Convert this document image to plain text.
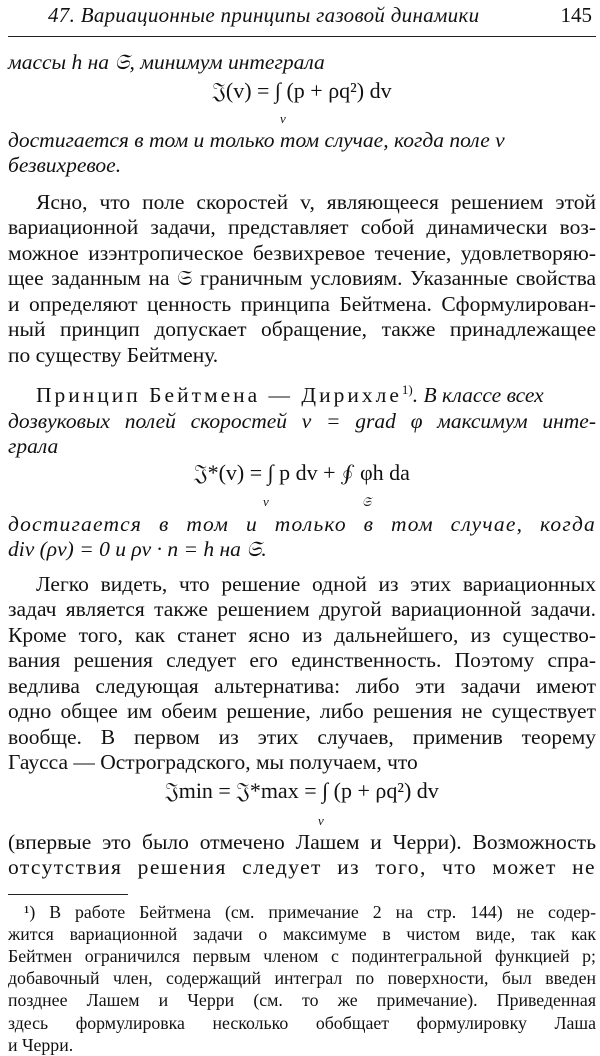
47. Вариационные принципы газовой динамики	145

массы h на 𝔖, минимум интеграла

𝔍(v) = ∫ (p + ρq²) dv
v

достигается в том и только том случае, когда поле v

безвихревое.

Ясно, что поле скоростей v, являющееся решением этой

вариационной задачи, представляет собой динамически воз-

можное изэнтропическое безвихревое течение, удовлетворяю-

щее заданным на 𝔖 граничным условиям. Указанные свойства

и определяют ценность принципа Бейтмена. Сформулирован-

ный принцип допускает обращение, также принадлежащее

по существу Бейтмену.

Принцип Бейтмена — Дирихле$^{1)}$. В классе всех

дозвуковых полей скоростей v = grad φ максимум инте-

грала

𝔍*(v) = ∫ p dv + ∮ φh da
v	𝔖

достигается в том и только в том случае, когда

div (ρv) = 0 и ρv · n = h на 𝔖.

Легко видеть, что решение одной из этих вариационных

задач является также решением другой вариационной задачи.

Кроме того, как станет ясно из дальнейшего, из существо-

вания решения следует его единственность. Поэтому спра-

ведлива следующая альтернатива: либо эти задачи имеют

одно общее им обеим решение, либо решения не существует

вообще. В первом из этих случаев, применив теорему

Гаусса — Остроградского, мы получаем, что

𝔍min = 𝔍*max = ∫ (p + ρq²) dv
v

(впервые это было отмечено Лашем и Черри). Возможность

отсутствия решения следует из того, что может не

¹) В работе Бейтмена (см. примечание 2 на стр. 144) не содер-
жится вариационной задачи о максимуме в чистом виде, так как
Бейтмен ограничился первым членом с подинтегральной функцией p;
добавочный член, содержащий интеграл по поверхности, был введен
позднее Лашем и Черри (см. то же примечание). Приведенная
здесь формулировка несколько обобщает формулировку Лаша
и Черри.
